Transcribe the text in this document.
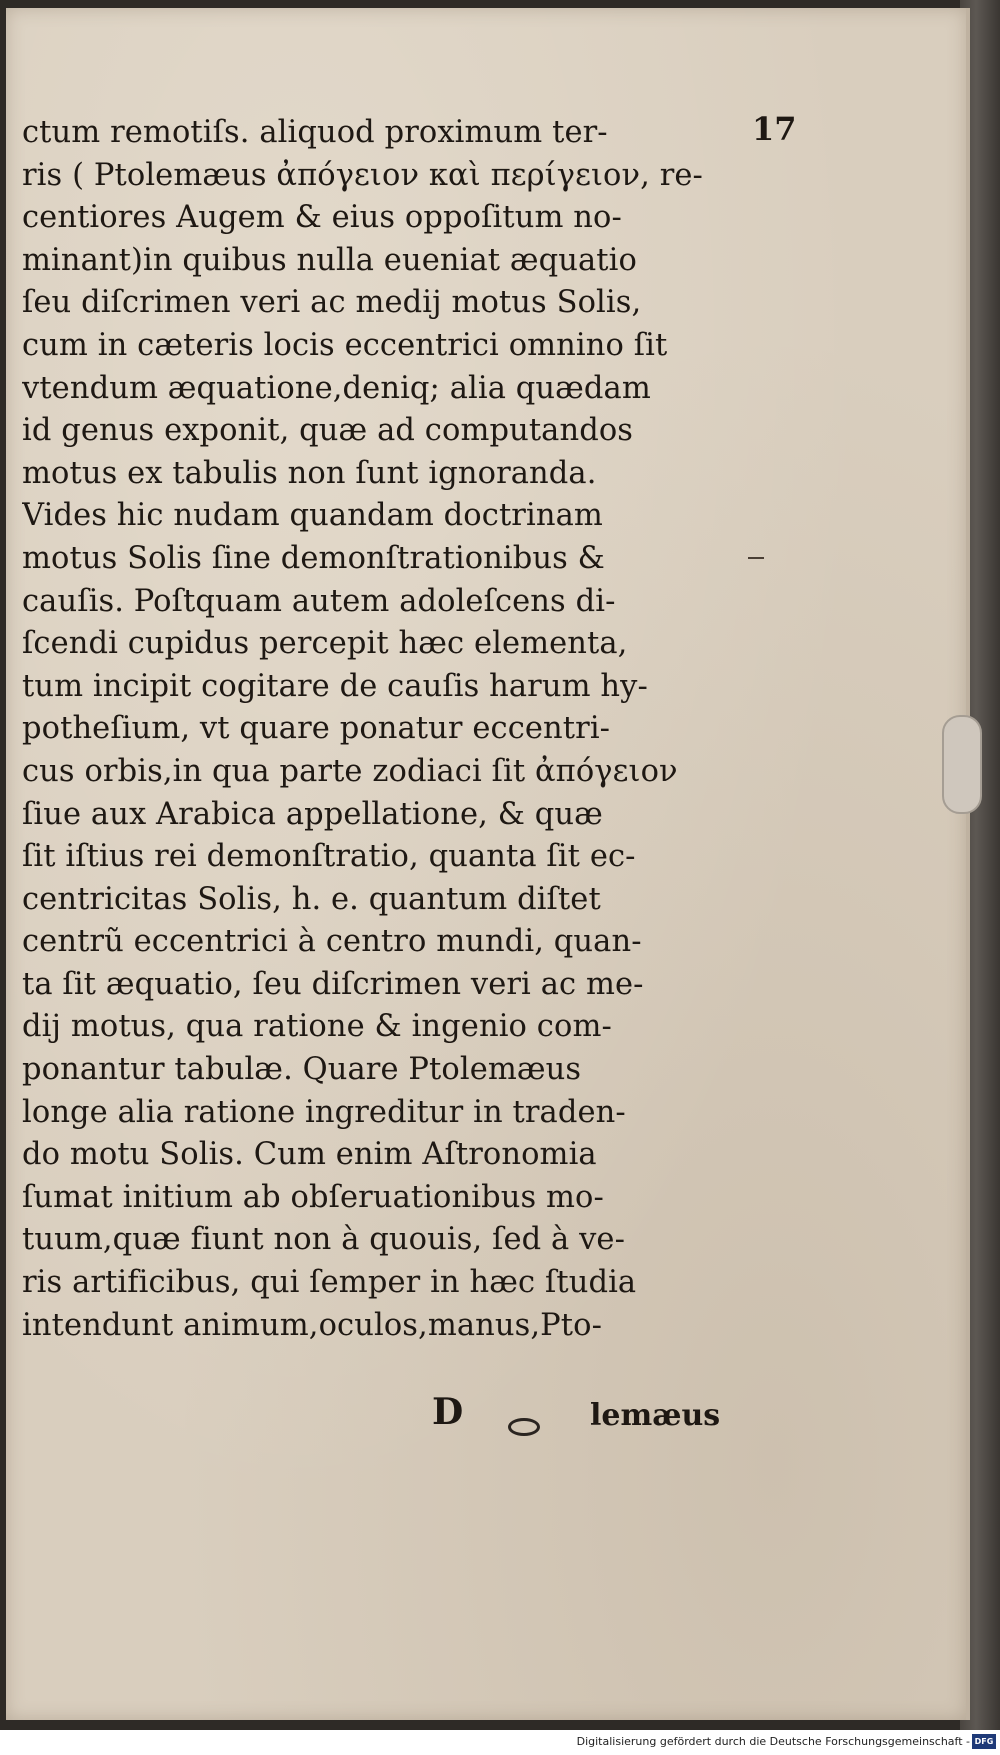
17
ctum remotiſs. aliquod proximum ter-
ris ( Ptolemæus ἀπόγειον καὶ περίγειον, re-
centiores Augem & eius oppoſitum no-
minant)in quibus nulla eueniat æquatio
ſeu diſcrimen veri ac medij motus Solis,
cum in cæteris locis eccentrici omnino ſit
vtendum æquatione,deniq; alia quædam
id genus exponit, quæ ad computandos
motus ex tabulis non ſunt ignoranda.
Vides hic nudam quandam doctrinam
motus Solis ſine demonſtrationibus &
cauſis. Poſtquam autem adoleſcens di-
ſcendi cupidus percepit hæc elementa,
tum incipit cogitare de cauſis harum hy-
potheſium, vt quare ponatur eccentri-
cus orbis,in qua parte zodiaci ſit ἀπόγειον
ſiue aux Arabica appellatione, & quæ
ſit iſtius rei demonſtratio, quanta ſit ec-
centricitas Solis, h. e. quantum diſtet
centrũ eccentrici à centro mundi, quan-
ta ſit æquatio, ſeu diſcrimen veri ac me-
dij motus, qua ratione & ingenio com-
ponantur tabulæ. Quare Ptolemæus
longe alia ratione ingreditur in traden-
do motu Solis. Cum enim Aſtronomia
ſumat initium ab obſeruationibus mo-
tuum,quæ fiunt non à quouis, ſed à ve-
ris artificibus, qui ſemper in hæc ſtudia
intendunt animum,oculos,manus,Pto-
D	lemæus
Digitalisierung gefördert durch die Deutsche Forschungsgemeinschaft - DFG
